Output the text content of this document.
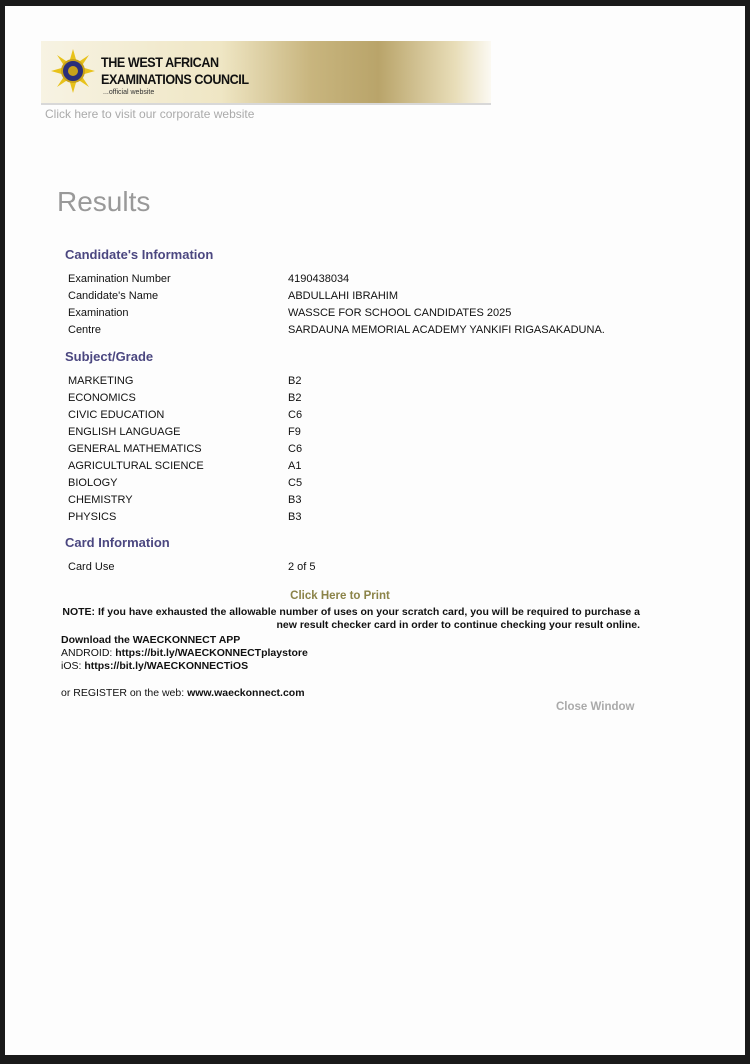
THE WEST AFRICAN
EXAMINATIONS COUNCIL
...official website
Click here to visit our corporate website
Results
Candidate's Information
Examination Number	4190438034
Candidate's Name	ABDULLAHI IBRAHIM
Examination	WASSCE FOR SCHOOL CANDIDATES 2025
Centre	SARDAUNA MEMORIAL ACADEMY YANKIFI RIGASAKADUNA.
Subject/Grade
MARKETING	B2
ECONOMICS	B2
CIVIC EDUCATION	C6
ENGLISH LANGUAGE	F9
GENERAL MATHEMATICS	C6
AGRICULTURAL SCIENCE	A1
BIOLOGY	C5
CHEMISTRY	B3
PHYSICS	B3
Card Information
Card Use	2 of 5
Click Here to Print
NOTE: If you have exhausted the allowable number of uses on your scratch card, you will be required to purchase a new result checker card in order to continue checking your result online.
Download the WAECKONNECT APP
ANDROID: https://bit.ly/WAECKONNECTplaystore
iOS: https://bit.ly/WAECKONNECTiOS
or REGISTER on the web: www.waeckonnect.com
Close Window
